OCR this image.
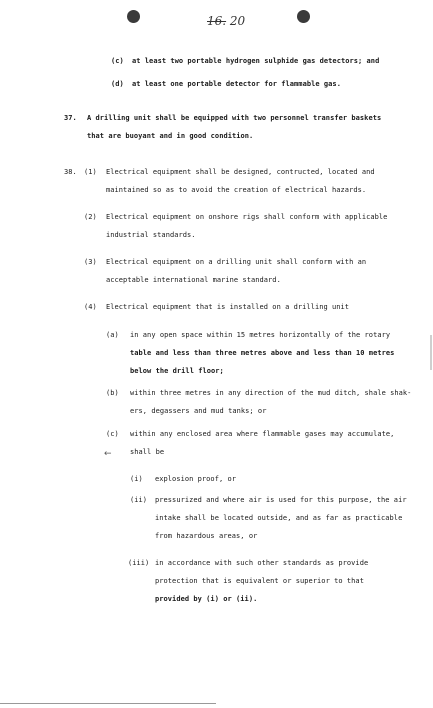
16. 20
(c) at least two portable hydrogen sulphide gas detectors; and
(d) at least one portable detector for flammable gas.
37. A drilling unit shall be equipped with two personnel transfer baskets
that are buoyant and in good condition.
38. (1) Electrical equipment shall be designed, contructed, located and
maintained so as to avoid the creation of electrical hazards.
(2) Electrical equipment on onshore rigs shall conform with applicable
industrial standards.
(3) Electrical equipment on a drilling unit shall conform with an
acceptable international marine standard.
(4) Electrical equipment that is installed on a drilling unit
(a) in any open space within 15 metres horizontally of the rotary
table and less than three metres above and less than 10 metres
below the drill floor;
(b) within three metres in any direction of the mud ditch, shale shak-
ers, degassers and mud tanks; or
(c) within any enclosed area where flammable gases may accumulate,
←	shall be
(i) explosion proof, or
(ii) pressurized and where air is used for this purpose, the air
intake shall be located outside, and as far as practicable
from hazardous areas, or
(iii) in accordance with such other standards as provide
protection that is equivalent or superior to that
provided by (i) or (ii).
